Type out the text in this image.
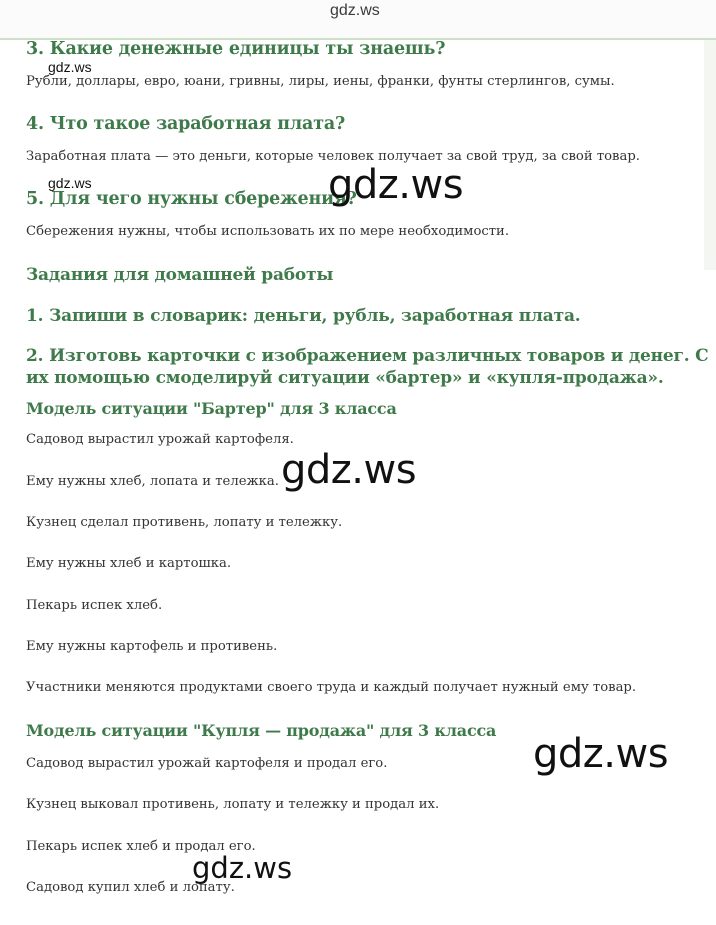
gdz.ws
3. Какие денежные единицы ты знаешь?

Рубли, доллары, евро, юани, гривны, лиры, иены, франки, фунты стерлингов, сумы.

4. Что такое заработная плата?

Заработная плата — это деньги, которые человек получает за свой труд, за свой товар.

5. Для чего нужны сбережения?

Сбережения нужны, чтобы использовать их по мере необходимости.

Задания для домашней работы
1. Запиши в словарик: деньги, рубль, заработная плата.
2. Изготовь карточки с изображением различных товаров и денег. С
их помощью смоделируй ситуации «бартер» и «купля-продажа».
Модель ситуации "Бартер" для 3 класса

Садовод вырастил урожай картофеля.

Ему нужны хлеб, лопата и тележка.

Кузнец сделал противень, лопату и тележку.

Ему нужны хлеб и картошка.

Пекарь испек хлеб.

Ему нужны картофель и противень.

Участники меняются продуктами своего труда и каждый получает нужный ему товар.

Модель ситуации "Купля — продажа" для 3 класса

Садовод вырастил урожай картофеля и продал его.

Кузнец выковал противень, лопату и тележку и продал их.

Пекарь испек хлеб и продал его.

Садовод купил хлеб и лопату.

gdz.ws
gdz.ws	gdz.ws
gdz.ws
gdz.ws
gdz.ws
